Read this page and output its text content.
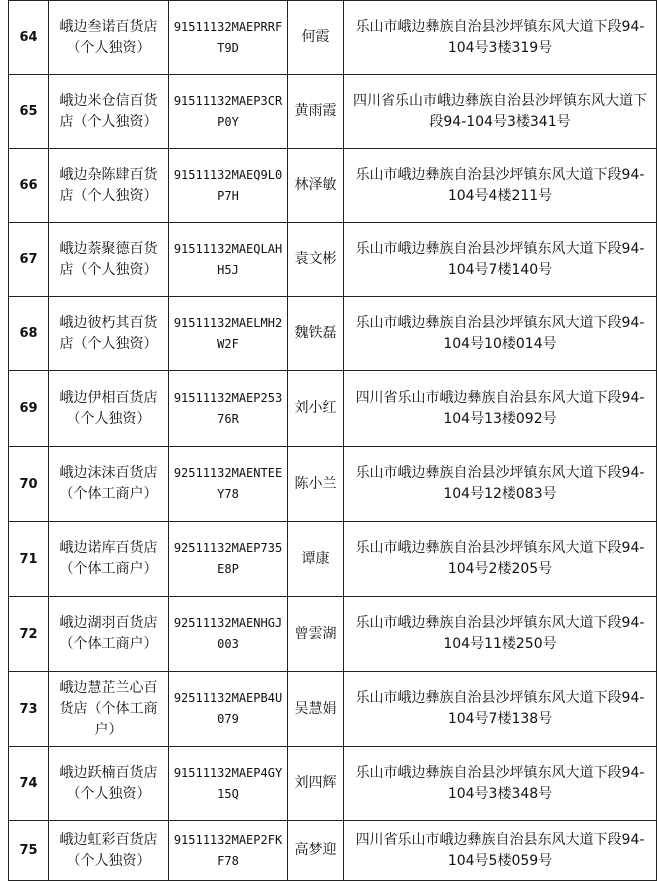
64	峨边叁诺百货店（个人独资）	91511132MAEPRRFT9D	何霞	乐山市峨边彝族自治县沙坪镇东风大道下段94-104号3楼319号
65	峨边米仓信百货店（个人独资）	91511132MAEP3CRP0Y	黄雨霞	四川省乐山市峨边彝族自治县沙坪镇东风大道下段94-104号3楼341号
66	峨边杂陈肆百货店（个人独资）	91511132MAEQ9L0P7H	林泽敏	乐山市峨边彝族自治县沙坪镇东风大道下段94-104号4楼211号
67	峨边萘聚德百货店（个人独资）	91511132MAEQLAHH5J	袁文彬	乐山市峨边彝族自治县沙坪镇东风大道下段94-104号7楼140号
68	峨边彼朽其百货店（个人独资）	91511132MAELMH2W2F	魏铁磊	乐山市峨边彝族自治县沙坪镇东风大道下段94-104号10楼014号
69	峨边伊相百货店（个人独资）	91511132MAEP25376R	刘小红	四川省乐山市峨边彝族自治县东风大道下段94-104号13楼092号
70	峨边沫沫百货店（个体工商户）	92511132MAENTEEY78	陈小兰	乐山市峨边彝族自治县沙坪镇东风大道下段94-104号12楼083号
71	峨边诺库百货店（个体工商户）	92511132MAEP735E8P	谭康	乐山市峨边彝族自治县沙坪镇东风大道下段94-104号2楼205号
72	峨边湖羽百货店（个体工商户）	92511132MAENHGJ003	曾雲湖	乐山市峨边彝族自治县沙坪镇东风大道下段94-104号11楼250号
73	峨边慧芷兰心百货店（个体工商户）	92511132MAEPB4U079	吴慧娟	乐山市峨边彝族自治县沙坪镇东风大道下段94-104号7楼138号
74	峨边跃楠百货店（个人独资）	91511132MAEP4GY15Q	刘四辉	乐山市峨边彝族自治县沙坪镇东风大道下段94-104号3楼348号
75	峨边虹彩百货店（个人独资）	91511132MAEP2FKF78	高梦迎	四川省乐山市峨边彝族自治县东风大道下段94-104号5楼059号
